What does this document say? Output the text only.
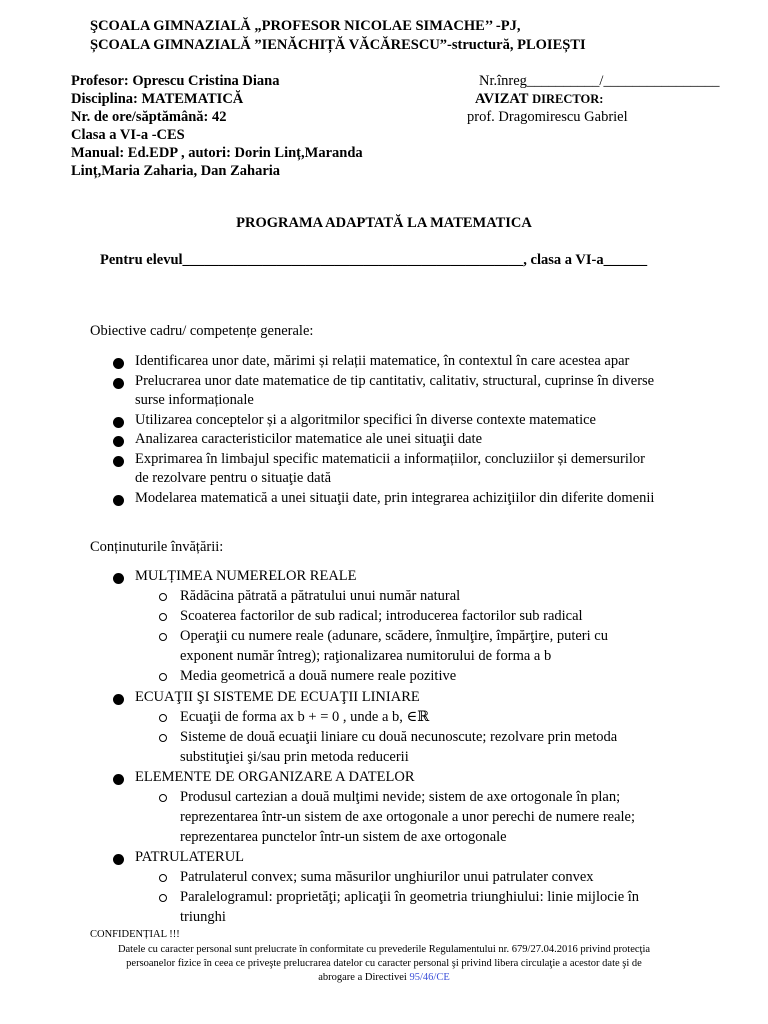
ŞCOALA GIMNAZIALĂ „PROFESOR NICOLAE SIMACHE’’ -PJ,
ȘCOALA GIMNAZIALĂ ”IENĂCHIȚĂ VĂCĂRESCU”-structură, PLOIEȘTI
Profesor: Oprescu Cristina Diana
Disciplina: MATEMATICĂ
Nr. de ore/săptămână: 42
Clasa a VI-a -CES
Manual: Ed.EDP , autori: Dorin Linț,Maranda
Linț,Maria Zaharia, Dan Zaharia
Nr.înreg__________/________________
AVIZAT DIRECTOR:
prof. Dragomirescu Gabriel
PROGRAMA ADAPTATĂ LA MATEMATICA
Pentru elevul_______________________________________________, clasa a VI-a______
Obiective cadru/ competențe generale:
Identificarea unor date, mărimi și relații matematice, în contextul în care acestea apar
Prelucrarea unor date matematice de tip cantitativ, calitativ, structural, cuprinse în diverse
surse informaționale
Utilizarea conceptelor și a algoritmilor specifici în diverse contexte matematice
Analizarea caracteristicilor matematice ale unei situaţii date
Exprimarea în limbajul specific matematicii a informațiilor, concluziilor și demersurilor
de rezolvare pentru o situaţie dată
Modelarea matematică a unei situaţii date, prin integrarea achiziţiilor din diferite domenii
Conținuturile învățării:
MULȚIMEA NUMERELOR REALE
Rădăcina pătrată a pătratului unui număr natural
Scoaterea factorilor de sub radical; introducerea factorilor sub radical
Operaţii cu numere reale (adunare, scădere, înmulţire, împărţire, puteri cu
exponent număr întreg); raţionalizarea numitorului de forma a b
Media geometrică a două numere reale pozitive
ECUAŢII ŞI SISTEME DE ECUAŢII LINIARE
Ecuaţii de forma ax b + = 0 , unde a b, ∈ℝ
Sisteme de două ecuaţii liniare cu două necunoscute; rezolvare prin metoda
substituţiei şi/sau prin metoda reducerii
ELEMENTE DE ORGANIZARE A DATELOR
Produsul cartezian a două mulţimi nevide; sistem de axe ortogonale în plan;
reprezentarea într-un sistem de axe ortogonale a unor perechi de numere reale;
reprezentarea punctelor într-un sistem de axe ortogonale
PATRULATERUL
Patrulaterul convex; suma măsurilor unghiurilor unui patrulater convex
Paralelogramul: proprietăţi; aplicaţii în geometria triunghiului: linie mijlocie în
triunghi
CONFIDENȚIAL !!!
Datele cu caracter personal sunt prelucrate în conformitate cu prevederile Regulamentului nr. 679/27.04.2016 privind protecţia
persoanelor fizice în ceea ce priveşte prelucrarea datelor cu caracter personal şi privind libera circulaţie a acestor date şi de
abrogare a Directivei 95/46/CE
